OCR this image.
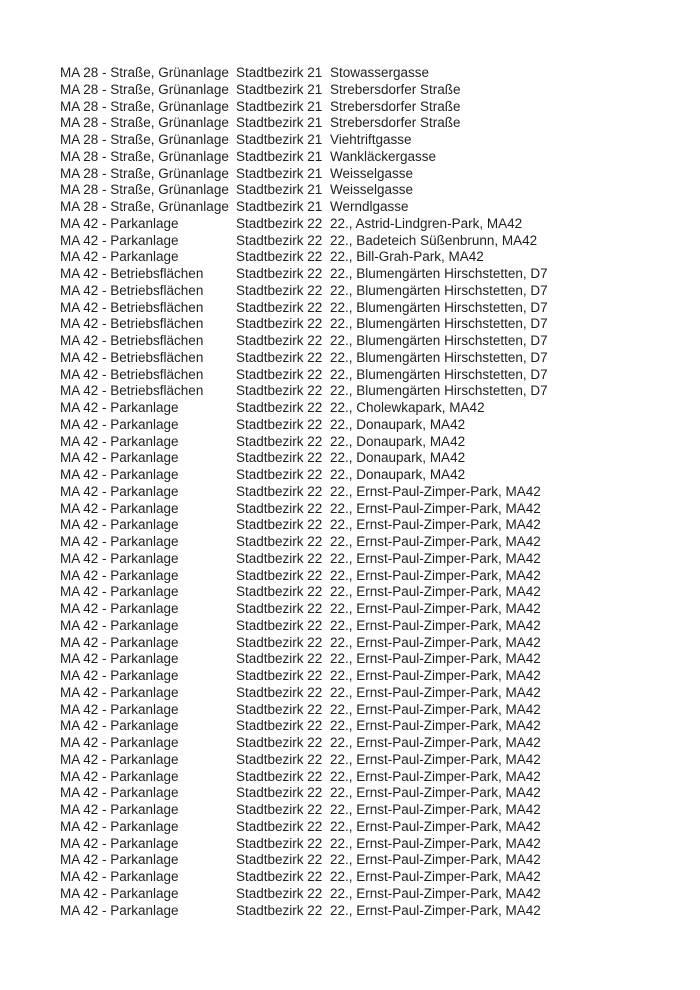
MA 28 - Straße, Grünanlage Stadtbezirk 21 Stowassergasse
MA 28 - Straße, Grünanlage Stadtbezirk 21 Strebersdorfer Straße
MA 28 - Straße, Grünanlage Stadtbezirk 21 Strebersdorfer Straße
MA 28 - Straße, Grünanlage Stadtbezirk 21 Strebersdorfer Straße
MA 28 - Straße, Grünanlage Stadtbezirk 21 Viehtriftgasse
MA 28 - Straße, Grünanlage Stadtbezirk 21 Wankläckergasse
MA 28 - Straße, Grünanlage Stadtbezirk 21 Weisselgasse
MA 28 - Straße, Grünanlage Stadtbezirk 21 Weisselgasse
MA 28 - Straße, Grünanlage Stadtbezirk 21 Werndlgasse
MA 42 - Parkanlage	Stadtbezirk 22 22., Astrid-Lindgren-Park, MA42
MA 42 - Parkanlage	Stadtbezirk 22 22., Badeteich Süßenbrunn, MA42
MA 42 - Parkanlage	Stadtbezirk 22 22., Bill-Grah-Park, MA42
MA 42 - Betriebsflächen	Stadtbezirk 22 22., Blumengärten Hirschstetten, D7
MA 42 - Betriebsflächen	Stadtbezirk 22 22., Blumengärten Hirschstetten, D7
MA 42 - Betriebsflächen	Stadtbezirk 22 22., Blumengärten Hirschstetten, D7
MA 42 - Betriebsflächen	Stadtbezirk 22 22., Blumengärten Hirschstetten, D7
MA 42 - Betriebsflächen	Stadtbezirk 22 22., Blumengärten Hirschstetten, D7
MA 42 - Betriebsflächen	Stadtbezirk 22 22., Blumengärten Hirschstetten, D7
MA 42 - Betriebsflächen	Stadtbezirk 22 22., Blumengärten Hirschstetten, D7
MA 42 - Betriebsflächen	Stadtbezirk 22 22., Blumengärten Hirschstetten, D7
MA 42 - Parkanlage	Stadtbezirk 22 22., Cholewkapark, MA42
MA 42 - Parkanlage	Stadtbezirk 22 22., Donaupark, MA42
MA 42 - Parkanlage	Stadtbezirk 22 22., Donaupark, MA42
MA 42 - Parkanlage	Stadtbezirk 22 22., Donaupark, MA42
MA 42 - Parkanlage	Stadtbezirk 22 22., Donaupark, MA42
MA 42 - Parkanlage	Stadtbezirk 22 22., Ernst-Paul-Zimper-Park, MA42
MA 42 - Parkanlage	Stadtbezirk 22 22., Ernst-Paul-Zimper-Park, MA42
MA 42 - Parkanlage	Stadtbezirk 22 22., Ernst-Paul-Zimper-Park, MA42
MA 42 - Parkanlage	Stadtbezirk 22 22., Ernst-Paul-Zimper-Park, MA42
MA 42 - Parkanlage	Stadtbezirk 22 22., Ernst-Paul-Zimper-Park, MA42
MA 42 - Parkanlage	Stadtbezirk 22 22., Ernst-Paul-Zimper-Park, MA42
MA 42 - Parkanlage	Stadtbezirk 22 22., Ernst-Paul-Zimper-Park, MA42
MA 42 - Parkanlage	Stadtbezirk 22 22., Ernst-Paul-Zimper-Park, MA42
MA 42 - Parkanlage	Stadtbezirk 22 22., Ernst-Paul-Zimper-Park, MA42
MA 42 - Parkanlage	Stadtbezirk 22 22., Ernst-Paul-Zimper-Park, MA42
MA 42 - Parkanlage	Stadtbezirk 22 22., Ernst-Paul-Zimper-Park, MA42
MA 42 - Parkanlage	Stadtbezirk 22 22., Ernst-Paul-Zimper-Park, MA42
MA 42 - Parkanlage	Stadtbezirk 22 22., Ernst-Paul-Zimper-Park, MA42
MA 42 - Parkanlage	Stadtbezirk 22 22., Ernst-Paul-Zimper-Park, MA42
MA 42 - Parkanlage	Stadtbezirk 22 22., Ernst-Paul-Zimper-Park, MA42
MA 42 - Parkanlage	Stadtbezirk 22 22., Ernst-Paul-Zimper-Park, MA42
MA 42 - Parkanlage	Stadtbezirk 22 22., Ernst-Paul-Zimper-Park, MA42
MA 42 - Parkanlage	Stadtbezirk 22 22., Ernst-Paul-Zimper-Park, MA42
MA 42 - Parkanlage	Stadtbezirk 22 22., Ernst-Paul-Zimper-Park, MA42
MA 42 - Parkanlage	Stadtbezirk 22 22., Ernst-Paul-Zimper-Park, MA42
MA 42 - Parkanlage	Stadtbezirk 22 22., Ernst-Paul-Zimper-Park, MA42
MA 42 - Parkanlage	Stadtbezirk 22 22., Ernst-Paul-Zimper-Park, MA42
MA 42 - Parkanlage	Stadtbezirk 22 22., Ernst-Paul-Zimper-Park, MA42
MA 42 - Parkanlage	Stadtbezirk 22 22., Ernst-Paul-Zimper-Park, MA42
MA 42 - Parkanlage	Stadtbezirk 22 22., Ernst-Paul-Zimper-Park, MA42
MA 42 - Parkanlage	Stadtbezirk 22 22., Ernst-Paul-Zimper-Park, MA42
